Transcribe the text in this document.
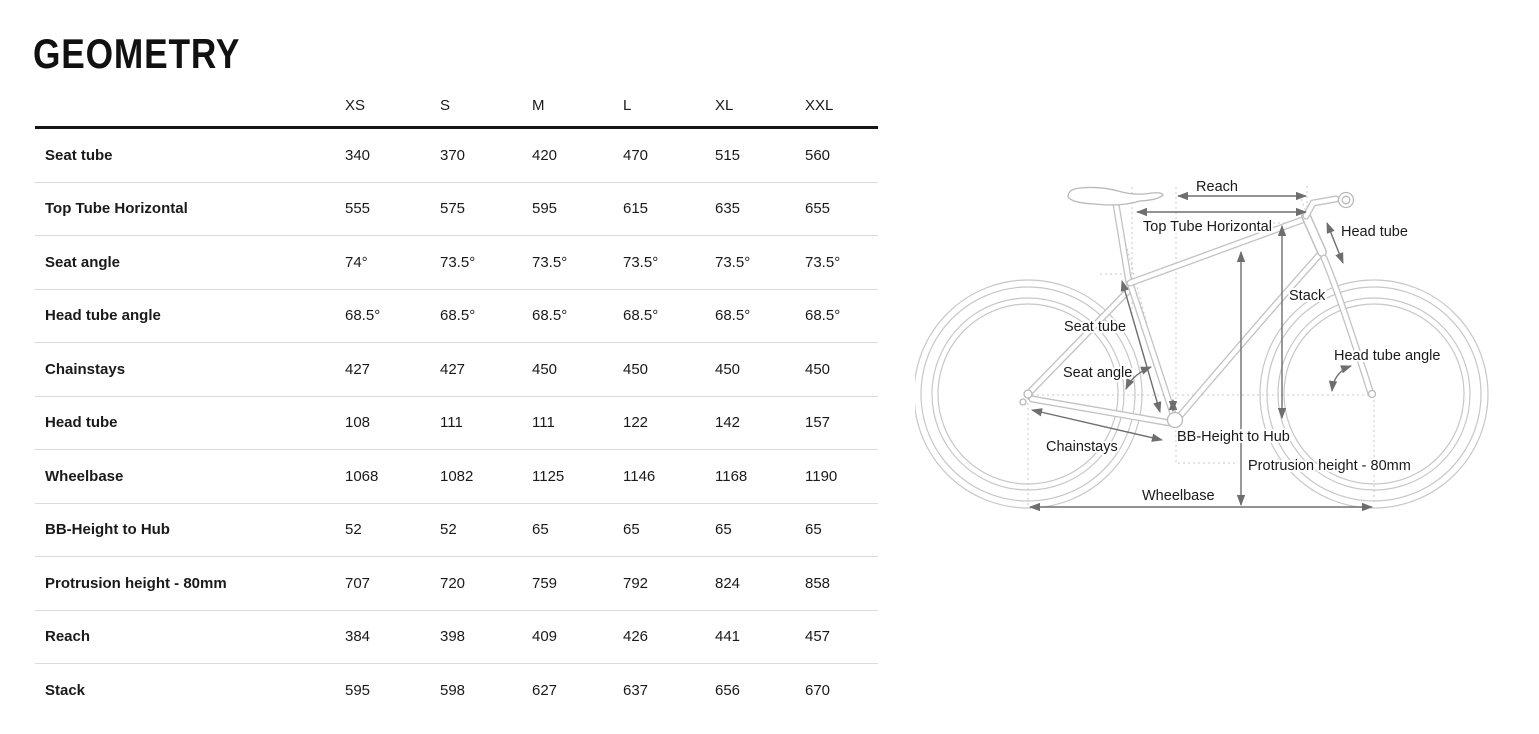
GEOMETRY
XS	S	M	L	XL	XXL
Seat tube	340	370	420	470	515	560
Top Tube Horizontal	555	575	595	615	635	655
Seat angle	74°	73.5°	73.5°	73.5°	73.5°	73.5°
Head tube angle	68.5°	68.5°	68.5°	68.5°	68.5°	68.5°
Chainstays	427	427	450	450	450	450
Head tube	108	111	111	122	142	157
Wheelbase	1068	1082	1125	1146	1168	1190
BB-Height to Hub	52	52	65	65	65	65
Protrusion height - 80mm	707	720	759	792	824	858
Reach	384	398	409	426	441	457
Stack	595	598	627	637	656	670
Reach
Top Tube Horizontal	Head tube
Stack
Seat tube
Head tube angle
Seat angle
BB-Height to Hub
Chainstays
Protrusion height - 80mm
Wheelbase
